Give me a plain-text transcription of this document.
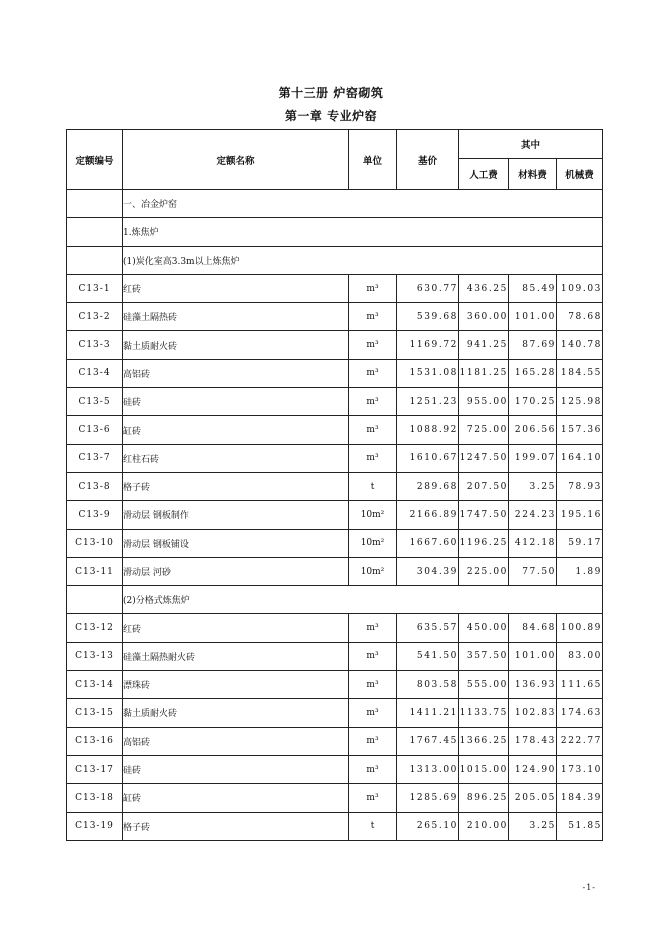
第十三册 炉窑砌筑
第一章 专业炉窑
定额编号	定额名称	单位	基价	其中		
				人工费	材料费	机械费
	一、冶金炉窑					
	1.炼焦炉					
	(1)炭化室高3.3m以上炼焦炉					
C13-1	红砖	m³	630.77	436.25	85.49	109.03
C13-2	硅藻土隔热砖	m³	539.68	360.00	101.00	78.68
C13-3	黏土质耐火砖	m³	1169.72	941.25	87.69	140.78
C13-4	高铝砖	m³	1531.08	1181.25	165.28	184.55
C13-5	硅砖	m³	1251.23	955.00	170.25	125.98
C13-6	缸砖	m³	1088.92	725.00	206.56	157.36
C13-7	红柱石砖	m³	1610.67	1247.50	199.07	164.10
C13-8	格子砖	t	289.68	207.50	3.25	78.93
C13-9	滑动层 钢板制作	10m²	2166.89	1747.50	224.23	195.16
C13-10	滑动层 钢板铺设	10m²	1667.60	1196.25	412.18	59.17
C13-11	滑动层 河砂	10m²	304.39	225.00	77.50	1.89
	(2)分格式炼焦炉					
C13-12	红砖	m³	635.57	450.00	84.68	100.89
C13-13	硅藻土隔热耐火砖	m³	541.50	357.50	101.00	83.00
C13-14	漂珠砖	m³	803.58	555.00	136.93	111.65
C13-15	黏土质耐火砖	m³	1411.21	1133.75	102.83	174.63
C13-16	高铝砖	m³	1767.45	1366.25	178.43	222.77
C13-17	硅砖	m³	1313.00	1015.00	124.90	173.10
C13-18	缸砖	m³	1285.69	896.25	205.05	184.39
C13-19	格子砖	t	265.10	210.00	3.25	51.85
-1-
